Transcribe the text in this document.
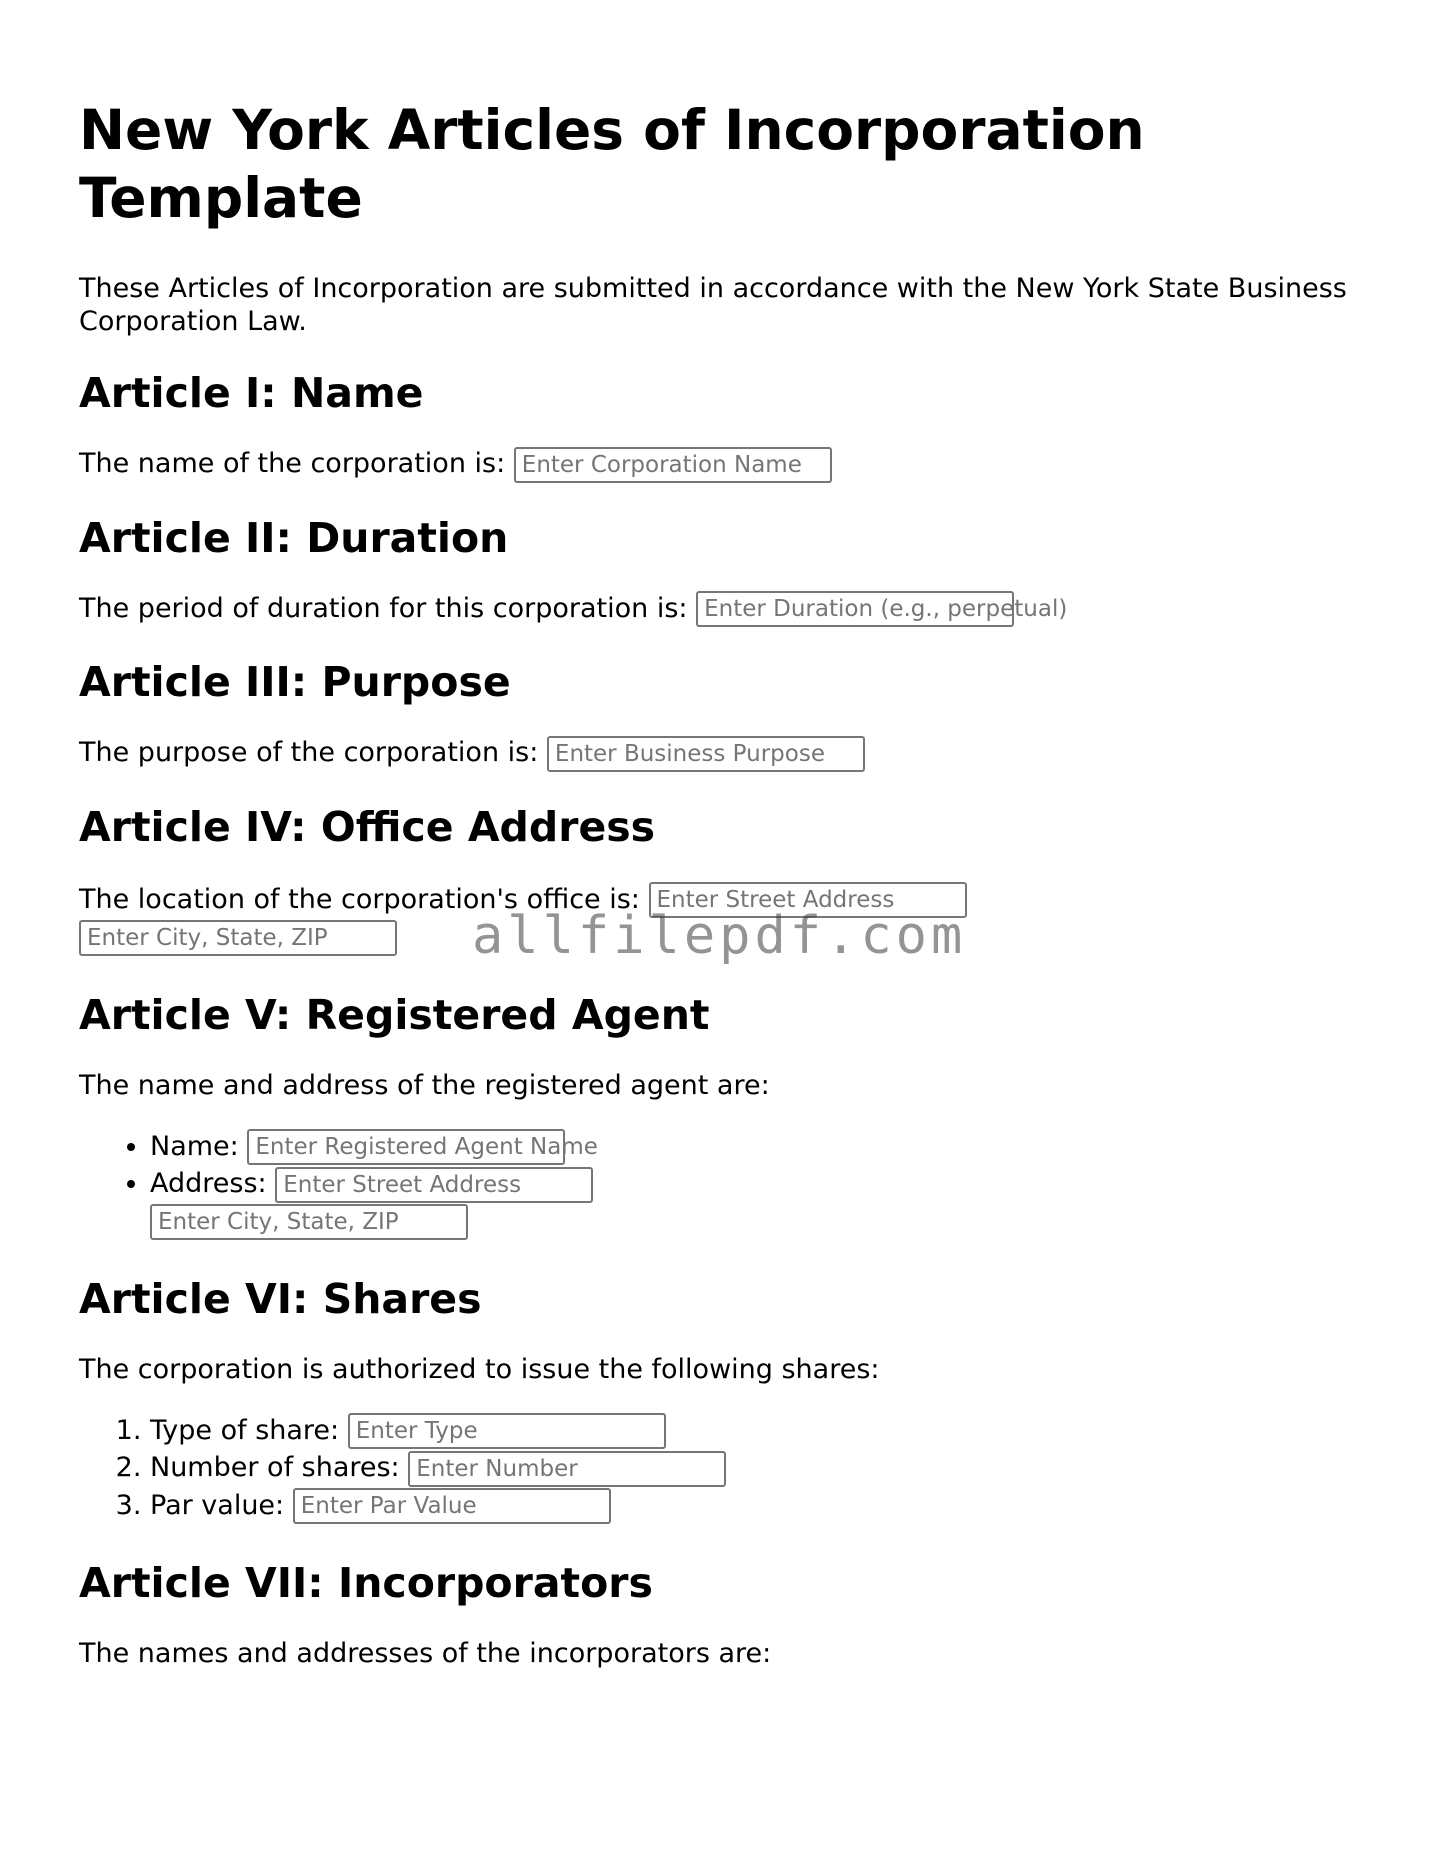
New York Articles of Incorporation Template

These Articles of Incorporation are submitted in accordance with the New York State Business Corporation Law.

Article I: Name

The name of the corporation is: Enter Corporation Name

Article II: Duration

The period of duration for this corporation is: Enter Duration (e.g., perpetual)

Article III: Purpose

The purpose of the corporation is: Enter Business Purpose

Article IV: Office Address

The location of the corporation's office is: Enter Street Address

Enter City, State, ZIP

Article V: Registered Agent

The name and address of the registered agent are:

• Name: Enter Registered Agent Name
• Address: Enter Street Address
Enter City, State, ZIP
Article VI: Shares

The corporation is authorized to issue the following shares:

1. Type of share: Enter Type
2. Number of shares: Enter Number
3. Par value: Enter Par Value
Article VII: Incorporators

The names and addresses of the incorporators are:

allfilepdf.com
